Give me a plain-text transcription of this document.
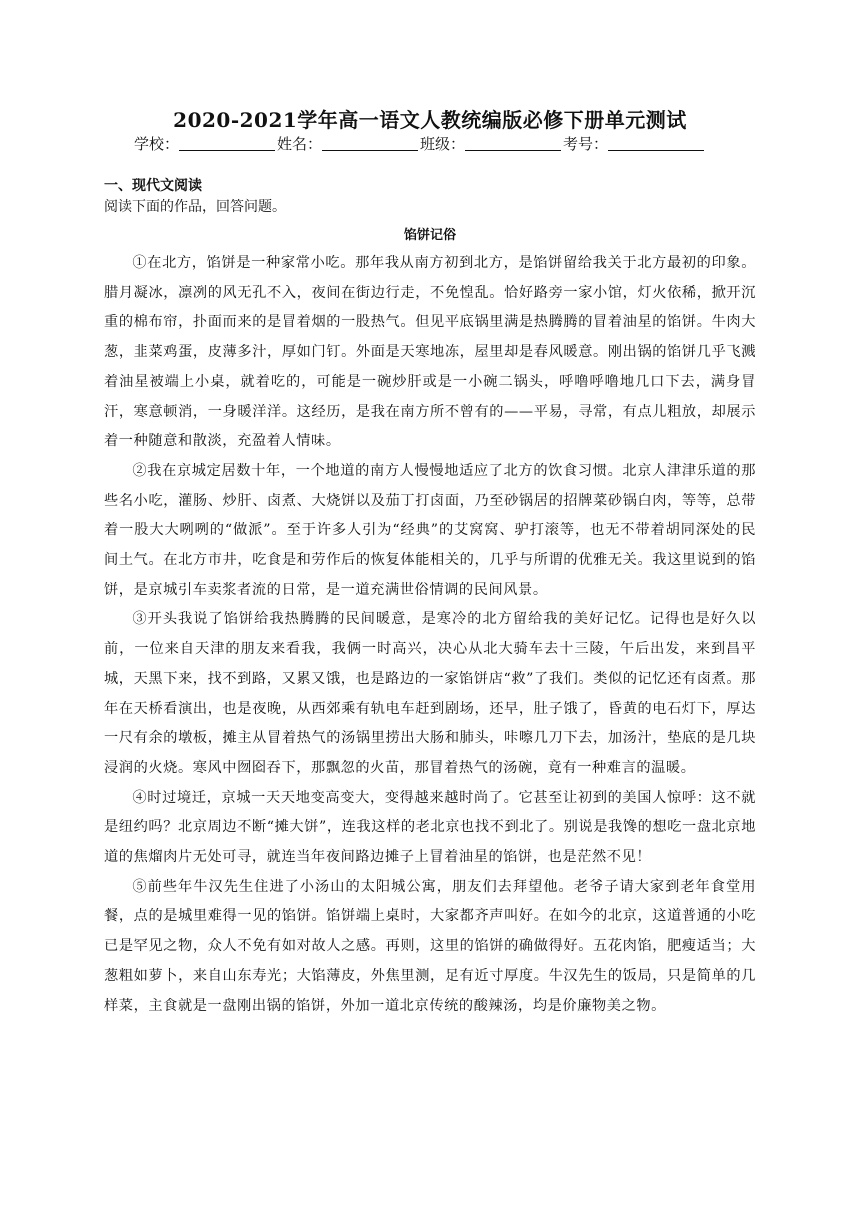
2020-2021学年高一语文人教统编版必修下册单元测试
学校：	姓名：	班级：	考号：
一、现代文阅读
阅读下面的作品，回答问题。
馅饼记俗

①在北方，馅饼是一种家常小吃。那年我从南方初到北方，是馅饼留给我关于北方最初的印象。腊月凝冰，凛冽的风无孔不入，夜间在街边行走，不免惶乱。恰好路旁一家小馆，灯火依稀，掀开沉重的棉布帘，扑面而来的是冒着烟的一股热气。但见平底锅里满是热腾腾的冒着油星的馅饼。牛肉大葱，韭菜鸡蛋，皮薄多汁，厚如门钉。外面是天寒地冻，屋里却是春风暖意。刚出锅的馅饼几乎飞溅着油星被端上小桌，就着吃的，可能是一碗炒肝或是一小碗二锅头，呼噜呼噜地几口下去，满身冒汗，寒意顿消，一身暖洋洋。这经历，是我在南方所不曾有的——平易，寻常，有点儿粗放，却展示着一种随意和散淡，充盈着人情味。

②我在京城定居数十年，一个地道的南方人慢慢地适应了北方的饮食习惯。北京人津津乐道的那些名小吃，灌肠、炒肝、卤煮、大烧饼以及茄丁打卤面，乃至砂锅居的招牌菜砂锅白肉，等等，总带着一股大大咧咧的“做派”。至于许多人引为“经典”的艾窝窝、驴打滚等，也无不带着胡同深处的民间土气。在北方市井，吃食是和劳作后的恢复体能相关的，几乎与所谓的优雅无关。我这里说到的馅饼，是京城引车卖浆者流的日常，是一道充满世俗情调的民间风景。

③开头我说了馅饼给我热腾腾的民间暖意，是寒冷的北方留给我的美好记忆。记得也是好久以前，一位来自天津的朋友来看我，我俩一时高兴，决心从北大骑车去十三陵，午后出发，来到昌平城，天黑下来，找不到路，又累又饿，也是路边的一家馅饼店“救”了我们。类似的记忆还有卤煮。那年在天桥看演出，也是夜晚，从西郊乘有轨电车赶到剧场，还早，肚子饿了，昏黄的电石灯下，厚达一尺有余的墩板，摊主从冒着热气的汤锅里捞出大肠和肺头，咔嚓几刀下去，加汤汁，垫底的是几块浸润的火烧。寒风中囫囵吞下，那飘忽的火苗，那冒着热气的汤碗，竟有一种难言的温暖。

④时过境迁，京城一天天地变高变大，变得越来越时尚了。它甚至让初到的美国人惊呼：这不就是纽约吗？北京周边不断“摊大饼”，连我这样的老北京也找不到北了。别说是我馋的想吃一盘北京地道的焦熘肉片无处可寻，就连当年夜间路边摊子上冒着油星的馅饼，也是茫然不见！

⑤前些年牛汉先生住进了小汤山的太阳城公寓，朋友们去拜望他。老爷子请大家到老年食堂用餐，点的是城里难得一见的馅饼。馅饼端上桌时，大家都齐声叫好。在如今的北京，这道普通的小吃已是罕见之物，众人不免有如对故人之感。再则，这里的馅饼的确做得好。五花肉馅，肥瘦适当；大葱粗如萝卜，来自山东寿光；大馅薄皮，外焦里测，足有近寸厚度。牛汉先生的饭局，只是简单的几样菜，主食就是一盘刚出锅的馅饼，外加一道北京传统的酸辣汤，均是价廉物美之物。
